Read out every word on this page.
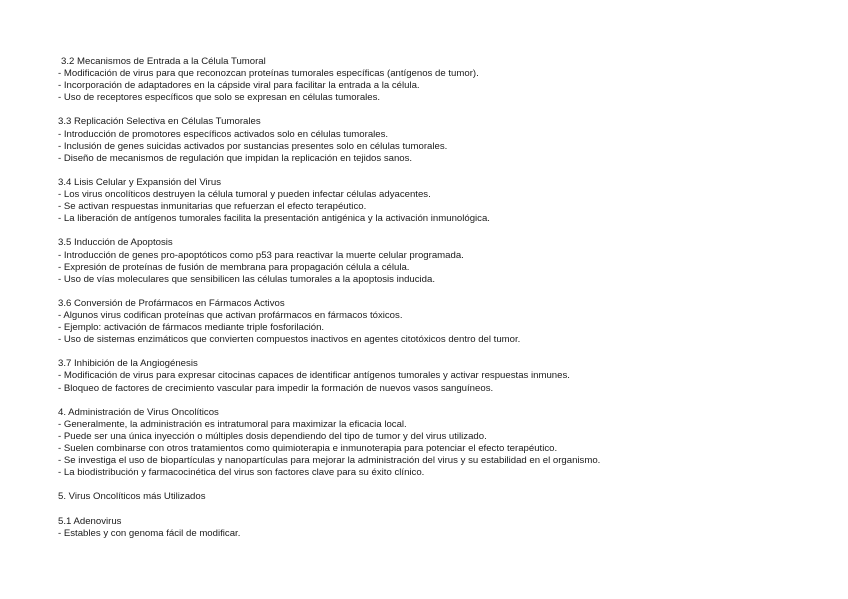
3.2 Mecanismos de Entrada a la Célula Tumoral
- Modificación de virus para que reconozcan proteínas tumorales específicas (antígenos de tumor).
- Incorporación de adaptadores en la cápside viral para facilitar la entrada a la célula.
- Uso de receptores específicos que solo se expresan en células tumorales.
3.3 Replicación Selectiva en Células Tumorales
- Introducción de promotores específicos activados solo en células tumorales.
- Inclusión de genes suicidas activados por sustancias presentes solo en células tumorales.
- Diseño de mecanismos de regulación que impidan la replicación en tejidos sanos.
3.4 Lisis Celular y Expansión del Virus
- Los virus oncolíticos destruyen la célula tumoral y pueden infectar células adyacentes.
- Se activan respuestas inmunitarias que refuerzan el efecto terapéutico.
- La liberación de antígenos tumorales facilita la presentación antigénica y la activación inmunológica.
3.5 Inducción de Apoptosis
- Introducción de genes pro-apoptóticos como p53 para reactivar la muerte celular programada.
- Expresión de proteínas de fusión de membrana para propagación célula a célula.
- Uso de vías moleculares que sensibilicen las células tumorales a la apoptosis inducida.
3.6 Conversión de Profármacos en Fármacos Activos
- Algunos virus codifican proteínas que activan profármacos en fármacos tóxicos.
- Ejemplo: activación de fármacos mediante triple fosforilación.
- Uso de sistemas enzimáticos que convierten compuestos inactivos en agentes citotóxicos dentro del tumor.
3.7 Inhibición de la Angiogénesis
- Modificación de virus para expresar citocinas capaces de identificar antígenos tumorales y activar respuestas inmunes.
- Bloqueo de factores de crecimiento vascular para impedir la formación de nuevos vasos sanguíneos.
4. Administración de Virus Oncolíticos
- Generalmente, la administración es intratumoral para maximizar la eficacia local.
- Puede ser una única inyección o múltiples dosis dependiendo del tipo de tumor y del virus utilizado.
- Suelen combinarse con otros tratamientos como quimioterapia e inmunoterapia para potenciar el efecto terapéutico.
- Se investiga el uso de biopartículas y nanopartículas para mejorar la administración del virus y su estabilidad en el organismo.
- La biodistribución y farmacocinética del virus son factores clave para su éxito clínico.
5. Virus Oncolíticos más Utilizados
5.1 Adenovirus
- Estables y con genoma fácil de modificar.
